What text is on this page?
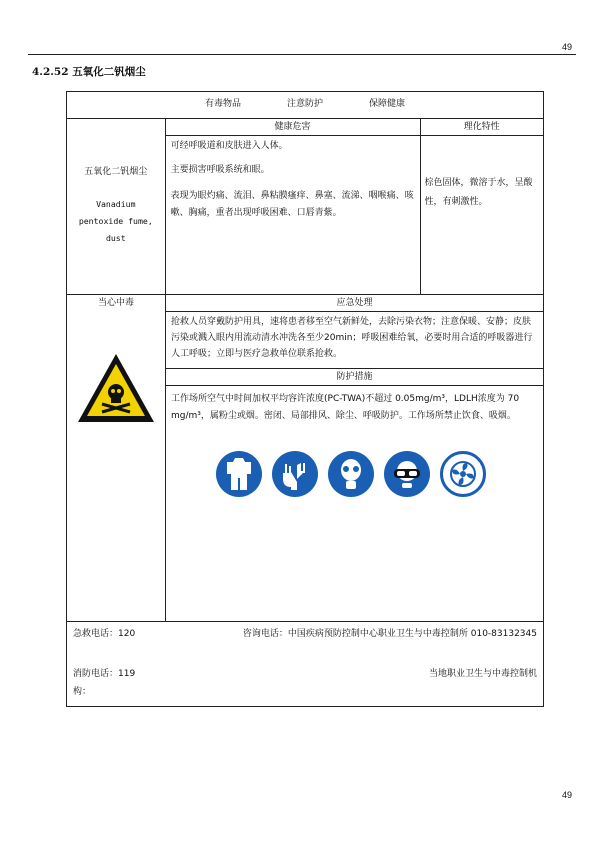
49
4.2.52 五氧化二钒烟尘
有毒物品	注意防护	保障健康
五氧化二钒烟尘
Vanadium
pentoxide fume,
dust
健康危害

可经呼吸道和皮肤进入人体。

主要损害呼吸系统和眼。

表现为眼灼痛、流泪、鼻粘膜瘙痒、鼻塞、流涕、咽喉痛、咳嗽、胸痛，重者出现呼吸困难、口唇青紫。

理化特性
棕色固体，微溶于水，呈酸性，有刺激性。
当心中毒	应急处理
抢救人员穿戴防护用具，速将患者移至空气新鲜处，去除污染衣物；注意保暖、安静；皮肤污染或溅入眼内用流动清水冲洗各至少20min；呼吸困难给氧，必要时用合适的呼吸器进行人工呼吸；立即与医疗急救单位联系抢救。
防护措施
工作场所空气中时间加权平均容许浓度(PC-TWA)不超过 0.05mg/m³，LDLH浓度为 70 mg/m³，属粉尘或烟。密闭、局部排风、除尘、呼吸防护。工作场所禁止饮食、吸烟。
急救电话：120	咨询电话：中国疾病预防控制中心职业卫生与中毒控制所 010-83132345
消防电话：119	当地职业卫生与中毒控制机
构：
49
